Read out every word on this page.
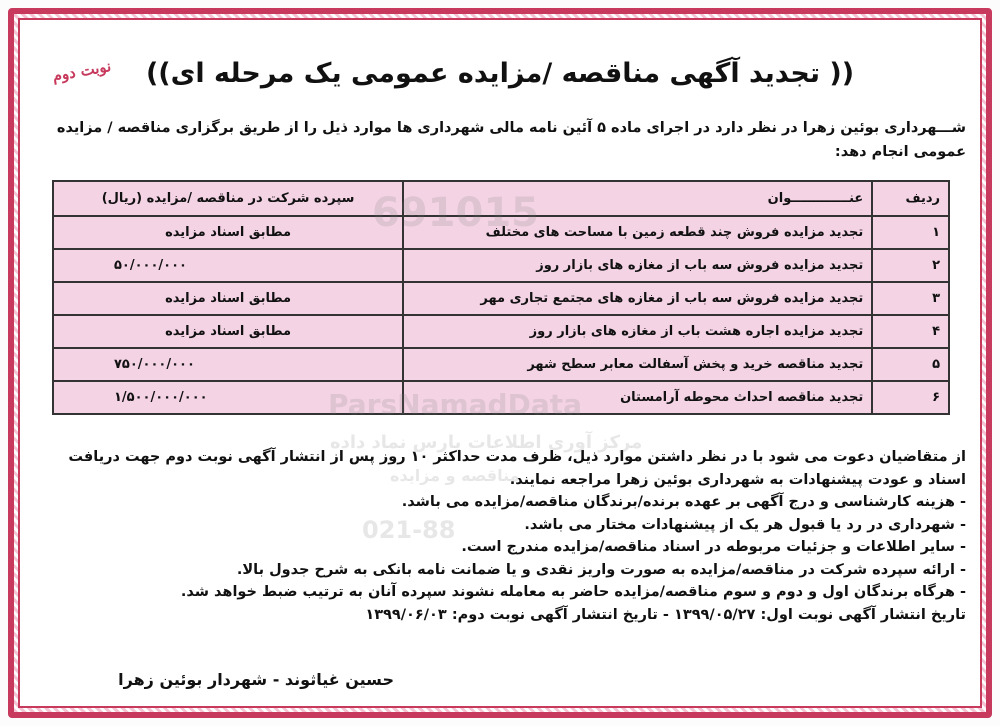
نوبت دوم	(( تجدید آگهی مناقصه /مزایده عمومی یک مرحله ای))
شـــهرداری بوئین زهرا در نظر دارد در اجرای ماده ۵ آئین نامه مالی شهرداری ها موارد ذیل را از طریق برگزاری مناقصه / مزایده عمومی انجام دهد:
ردیف	عنـــــــــــــوان	سپرده شرکت در مناقصه /مزایده (ریال)
۱	تجدید مزایده فروش چند قطعه زمین با مساحت های مختلف	مطابق اسناد مزایده
۲	تجدید مزایده فروش سه باب از مغازه های بازار روز	۵۰/۰۰۰/۰۰۰
۳	تجدید مزایده فروش سه باب از مغازه های مجتمع تجاری مهر	مطابق اسناد مزایده
۴	تجدید مزایده اجاره هشت باب از مغازه های بازار روز	مطابق اسناد مزایده
۵	تجدید مناقصه خرید و پخش آسفالت معابر سطح شهر	۷۵۰/۰۰۰/۰۰۰
۶	تجدید مناقصه احداث محوطه آرامستان	۱/۵۰۰/۰۰۰/۰۰۰

از متقاضیان دعوت می شود با در نظر داشتن موارد ذیل، ظرف مدت حداکثر ۱۰ روز پس از انتشار آگهی نوبت دوم جهت دریافت اسناد و عودت پیشنهادات به شهرداری بوئین زهرا مراجعه نمایند.

- هزینه کارشناسی و درج آگهی بر عهده برنده/برندگان مناقصه/مزایده می باشد.

- شهرداری در رد یا قبول هر یک از پیشنهادات مختار می باشد.

- سایر اطلاعات و جزئیات مربوطه در اسناد مناقصه/مزایده مندرج است.

- ارائه سپرده شرکت در مناقصه/مزایده به صورت واریز نقدی و یا ضمانت نامه بانکی به شرح جدول بالا.

- هرگاه برندگان اول و دوم و سوم مناقصه/مزایده حاضر به معامله نشوند سپرده آنان به ترتیب ضبط خواهد شد.

تاریخ انتشار آگهی نوبت اول: ۱۳۹۹/۰۵/۲۷ - تاریخ انتشار آگهی نوبت دوم: ۱۳۹۹/۰۶/۰۳

حسین غیاثوند - شهردار بوئین زهرا
مرکز آوری اطلاعات پارس نماد داده
مناقصه و مزایده
021-88
